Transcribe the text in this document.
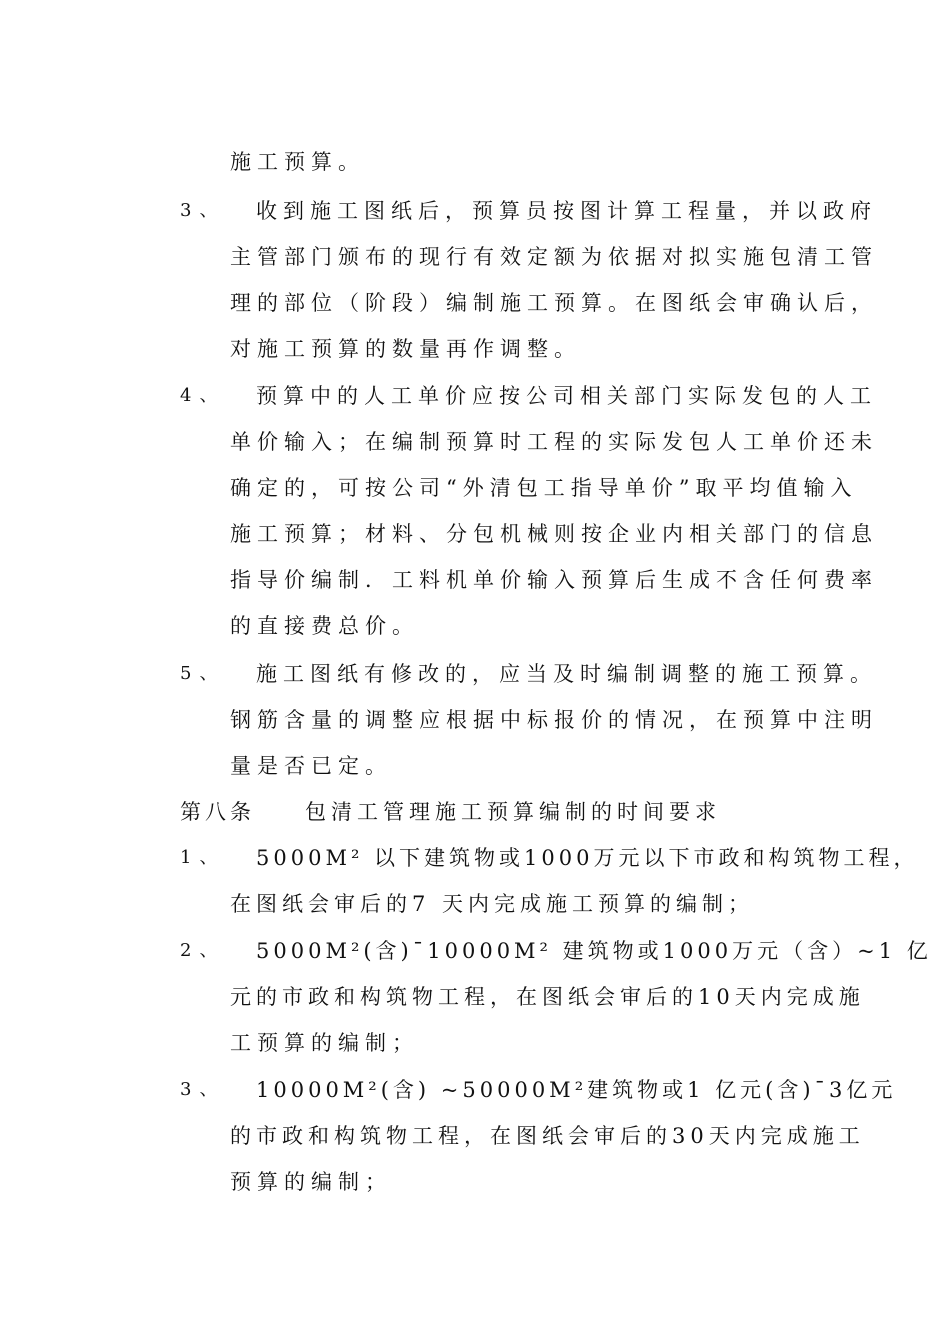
施工预算。
3、 收到施工图纸后，预算员按图计算工程量，并以政府
主管部门颁布的现行有效定额为依据对拟实施包清工管
理的部位（阶段）编制施工预算。在图纸会审确认后，
对施工预算的数量再作调整。
4、 预算中的人工单价应按公司相关部门实际发包的人工
单价输入；在编制预算时工程的实际发包人工单价还未
确定的，可按公司“外清包工指导单价”取平均值输入
施工预算；材料、分包机械则按企业内相关部门的信息
指导价编制．工料机单价输入预算后生成不含任何费率
的直接费总价。
5、 施工图纸有修改的，应当及时编制调整的施工预算。
钢筋含量的调整应根据中标报价的情况，在预算中注明
量是否已定。
第八条 包清工管理施工预算编制的时间要求
1、 5000M² 以下建筑物或1000万元以下市政和构筑物工程，
在图纸会审后的7 天内完成施工预算的编制；
2、 5000M²(含)¯10000M² 建筑物或1000万元（含）~1 亿
元的市政和构筑物工程，在图纸会审后的10天内完成施
工预算的编制；
3、 10000M²(含) ~50000M²建筑物或1 亿元(含)¯3亿元
的市政和构筑物工程，在图纸会审后的30天内完成施工
预算的编制；
